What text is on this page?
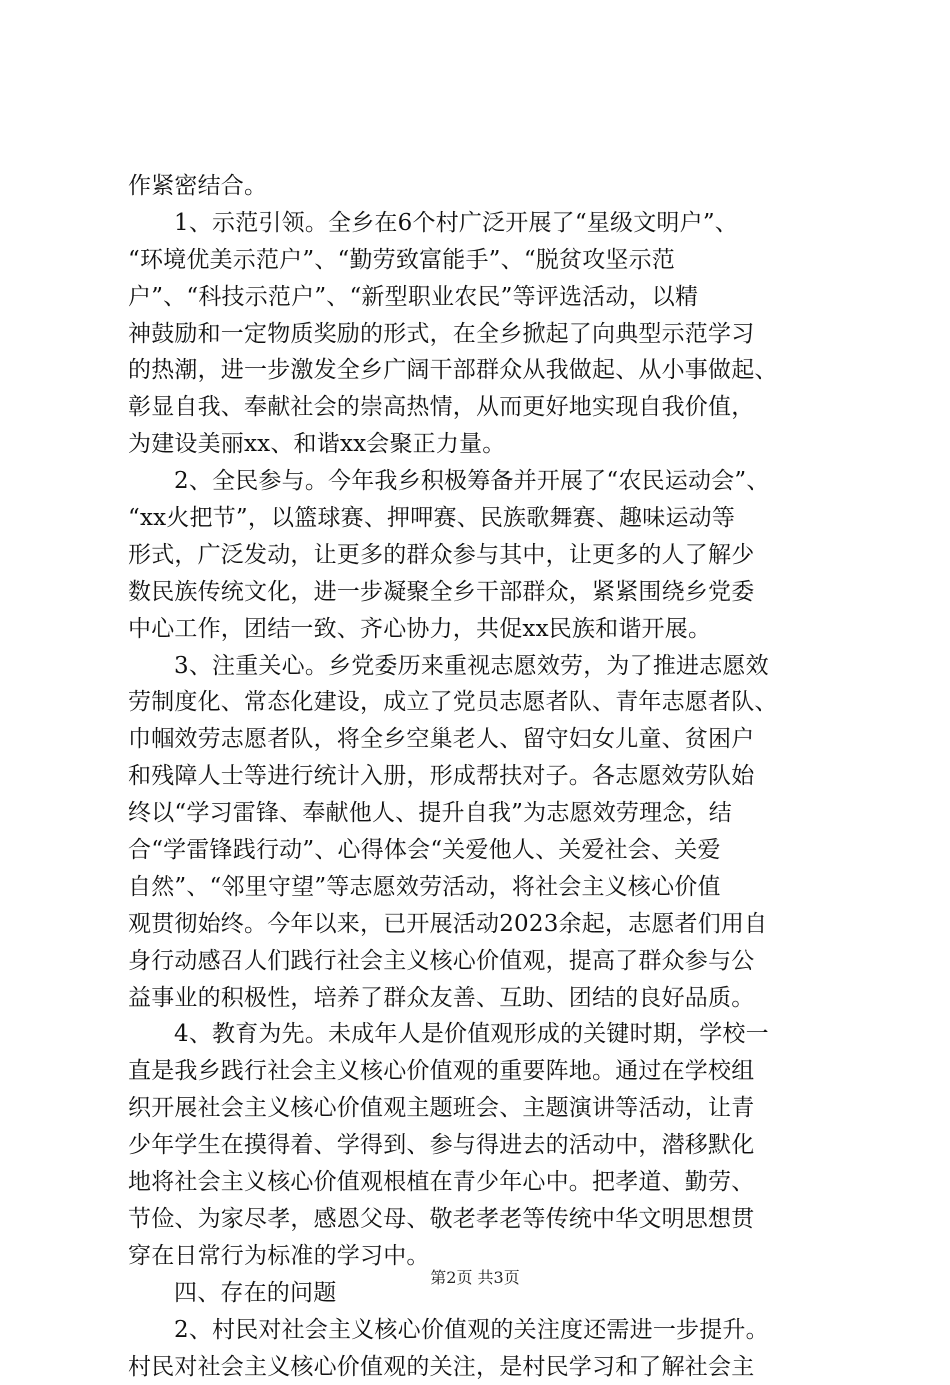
作紧密结合。
1、示范引领。全乡在6个村广泛开展了“星级文明户”、
“环境优美示范户”、“勤劳致富能手”、“脱贫攻坚示范
户”、“科技示范户”、“新型职业农民”等评选活动，以精
神鼓励和一定物质奖励的形式，在全乡掀起了向典型示范学习
的热潮，进一步激发全乡广阔干部群众从我做起、从小事做起、
彰显自我、奉献社会的崇高热情，从而更好地实现自我价值，
为建设美丽xx、和谐xx会聚正力量。
2、全民参与。今年我乡积极筹备并开展了“农民运动会”、
“xx火把节”，以篮球赛、押呷赛、民族歌舞赛、趣味运动等
形式，广泛发动，让更多的群众参与其中，让更多的人了解少
数民族传统文化，进一步凝聚全乡干部群众，紧紧围绕乡党委
中心工作，团结一致、齐心协力，共促xx民族和谐开展。
3、注重关心。乡党委历来重视志愿效劳，为了推进志愿效
劳制度化、常态化建设，成立了党员志愿者队、青年志愿者队、
巾帼效劳志愿者队，将全乡空巢老人、留守妇女儿童、贫困户
和残障人士等进行统计入册，形成帮扶对子。各志愿效劳队始
终以“学习雷锋、奉献他人、提升自我”为志愿效劳理念，结
合“学雷锋践行动”、心得体会“关爱他人、关爱社会、关爱
自然”、“邻里守望”等志愿效劳活动，将社会主义核心价值
观贯彻始终。今年以来，已开展活动2023余起，志愿者们用自
身行动感召人们践行社会主义核心价值观，提高了群众参与公
益事业的积极性，培养了群众友善、互助、团结的良好品质。
4、教育为先。未成年人是价值观形成的关键时期，学校一
直是我乡践行社会主义核心价值观的重要阵地。通过在学校组
织开展社会主义核心价值观主题班会、主题演讲等活动，让青
少年学生在摸得着、学得到、参与得进去的活动中，潜移默化
地将社会主义核心价值观根植在青少年心中。把孝道、勤劳、
节俭、为家尽孝，感恩父母、敬老孝老等传统中华文明思想贯
穿在日常行为标准的学习中。
四、存在的问题
2、村民对社会主义核心价值观的关注度还需进一步提升。
村民对社会主义核心价值观的关注，是村民学习和了解社会主
第2页 共3页
